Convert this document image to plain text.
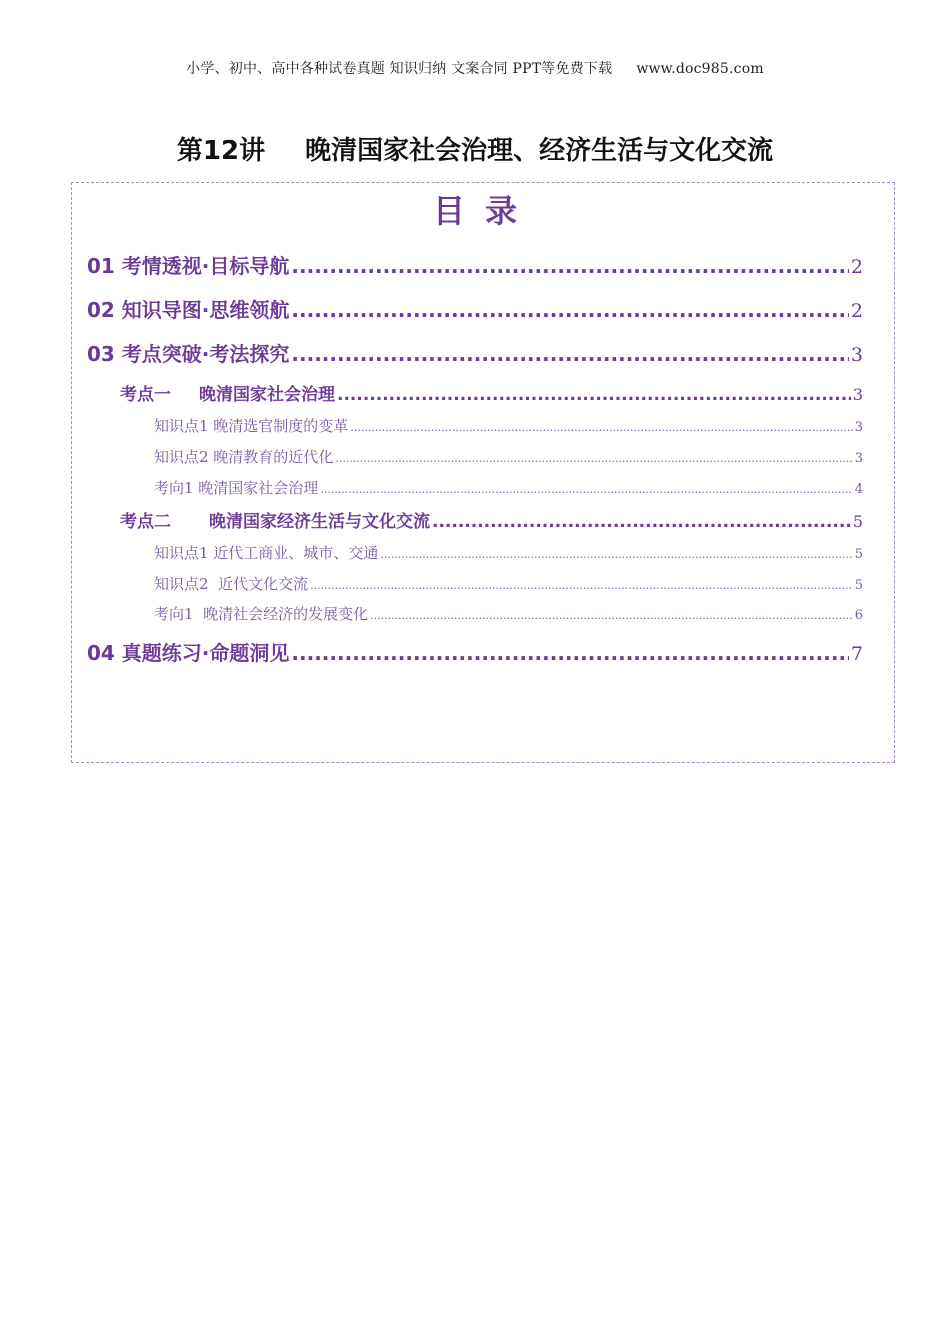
小学、初中、高中各种试卷真题 知识归纳 文案合同 PPT等免费下载 www.doc985.com
第12讲 晚清国家社会治理、经济生活与文化交流
目录
01 考情透视·目标导航 .....	2
02 知识导图·思维领航 .....	2
03 考点突破·考法探究 .....	3
考点一 晚清国家社会治理 .....	3
知识点1 晚清选官制度的变革 .....	3
知识点2 晚清教育的近代化 .....	3
考向1 晚清国家社会治理 .....	4
考点二 晚清国家经济生活与文化交流 .....	5
知识点1 近代工商业、城市、交通 .....	5
知识点2  近代文化交流 .....	5
考向1  晚清社会经济的发展变化 .....	6
04 真题练习·命题洞见 .....	7
